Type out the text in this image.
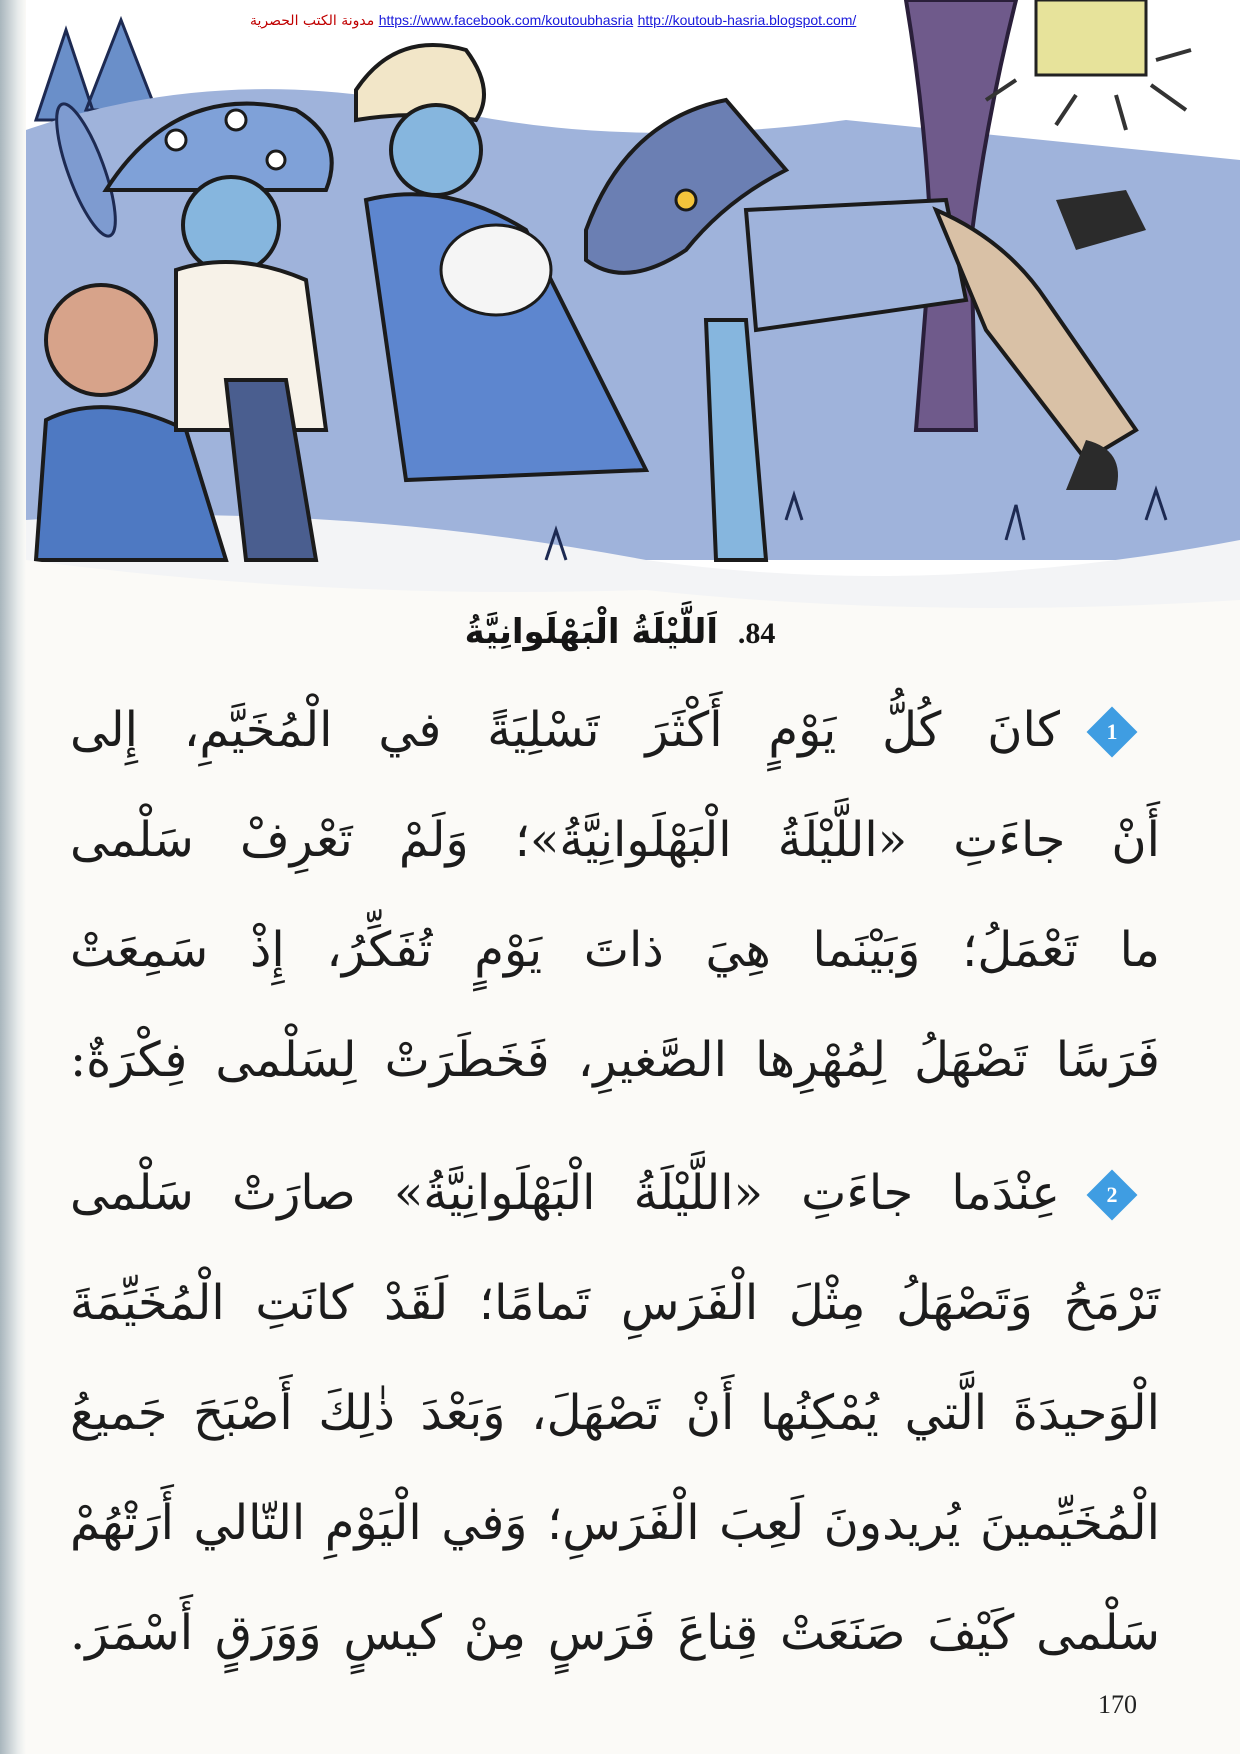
مدونة الكتب الحصرية https://www.facebook.com/koutoubhasria http://koutoub-hasria.blogspot.com/
84. اَللَّيْلَةُ الْبَهْلَوانِيَّةُ
1
كانَ كُلُّ يَوْمٍ أَكْثَرَ تَسْلِيَةً في الْمُخَيَّمِ، إِلى
أَنْ جاءَتِ «اللَّيْلَةُ الْبَهْلَوانِيَّةُ»؛ وَلَمْ تَعْرِفْ سَلْمى
ما تَعْمَلُ؛ وَبَيْنَما هِيَ ذاتَ يَوْمٍ تُفَكِّرُ، إِذْ سَمِعَتْ
فَرَسًا تَصْهَلُ لِمُهْرِها الصَّغيرِ، فَخَطَرَتْ لِسَلْمى فِكْرَةٌ:
2
عِنْدَما جاءَتِ «اللَّيْلَةُ الْبَهْلَوانِيَّةُ» صارَتْ سَلْمى
تَرْمَحُ وَتَصْهَلُ مِثْلَ الْفَرَسِ تَمامًا؛ لَقَدْ كانَتِ الْمُخَيِّمَةَ
الْوَحيدَةَ الَّتي يُمْكِنُها أَنْ تَصْهَلَ، وَبَعْدَ ذٰلِكَ أَصْبَحَ جَميعُ
الْمُخَيِّمينَ يُريدونَ لَعِبَ الْفَرَسِ؛ وَفي الْيَوْمِ التّالي أَرَتْهُمْ
سَلْمى كَيْفَ صَنَعَتْ قِناعَ فَرَسٍ مِنْ كيسٍ وَوَرَقٍ أَسْمَرَ.
170
